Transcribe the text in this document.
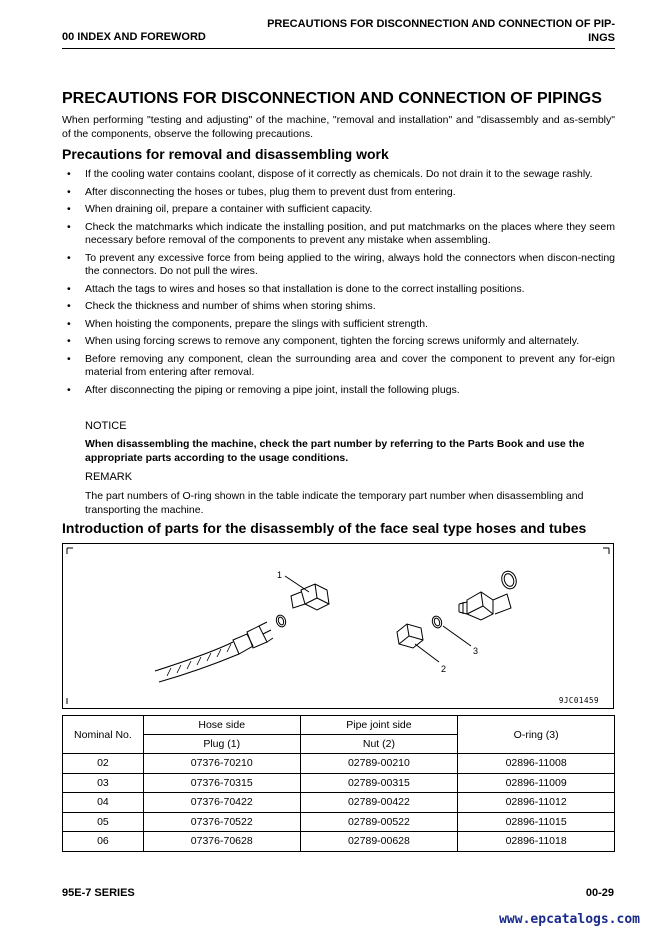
00 INDEX AND FOREWORD
PRECAUTIONS FOR DISCONNECTION AND CONNECTION OF PIP-
INGS
PRECAUTIONS FOR DISCONNECTION AND CONNECTION OF PIPINGS
When performing "testing and adjusting" of the machine, "removal and installation" and "disassembly and as-sembly" of the components, observe the following precautions.
Precautions for removal and disassembling work
• If the cooling water contains coolant, dispose of it correctly as chemicals. Do not drain it to the sewage rashly.
• After disconnecting the hoses or tubes, plug them to prevent dust from entering.
• When draining oil, prepare a container with sufficient capacity.
• Check the matchmarks which indicate the installing position, and put matchmarks on the places where they seem necessary before removal of the components to prevent any mistake when assembling.
• To prevent any excessive force from being applied to the wiring, always hold the connectors when discon-necting the connectors. Do not pull the wires.
• Attach the tags to wires and hoses so that installation is done to the correct installing positions.
• Check the thickness and number of shims when storing shims.
• When hoisting the components, prepare the slings with sufficient strength.
• When using forcing screws to remove any component, tighten the forcing screws uniformly and alternately.
• Before removing any component, clean the surrounding area and cover the component to prevent any for-eign material from entering after removal.
• After disconnecting the piping or removing a pipe joint, install the following plugs.
NOTICE
When disassembling the machine, check the part number by referring to the Parts Book and use the appropriate parts according to the usage conditions.
REMARK
The part numbers of O-ring shown in the table indicate the temporary part number when disassembling and transporting the machine.
Introduction of parts for the disassembly of the face seal type hoses and tubes
1
2
3
9JC01459
Nominal No.	Hose side	Pipe joint side	O-ring (3)
	Plug (1)	Nut (2)	
02	07376-70210	02789-00210	02896-11008
03	07376-70315	02789-00315	02896-11009
04	07376-70422	02789-00422	02896-11012
05	07376-70522	02789-00522	02896-11015
06	07376-70628	02789-00628	02896-11018
95E-7 SERIES	00-29
www.epcatalogs.com
